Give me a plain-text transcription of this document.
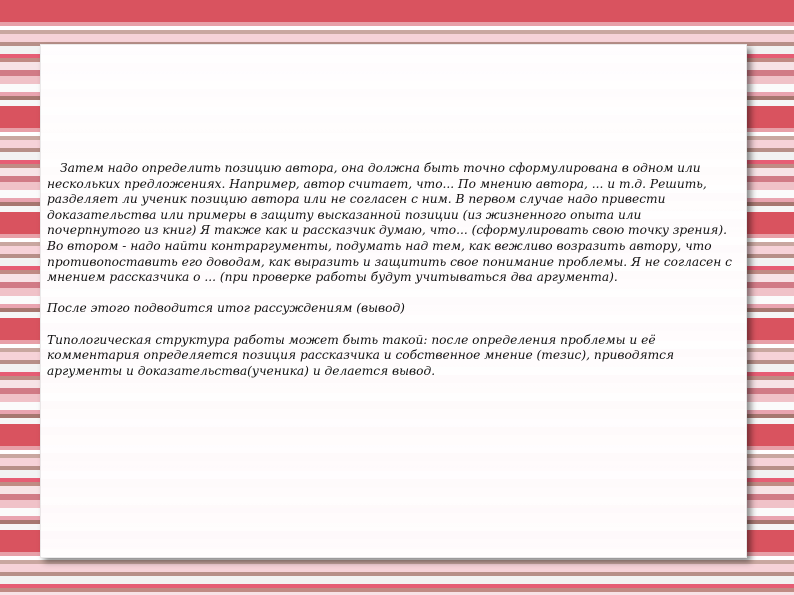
Затем надо определить позицию автора, она должна быть точно сформулирована в одном или нескольких предложениях. Например, автор считает, что... По мнению автора, ... и т.д. Решить, разделяет ли ученик позицию автора или не согласен с ним. В первом случае надо привести доказательства или примеры в защиту высказанной позиции (из жизненного опыта или почерпнутого из книг) Я также как и рассказчик думаю, что... (сформулировать свою точку зрения). Во втором - надо найти контраргументы, подумать над тем, как вежливо возразить автору, что противопоставить его доводам, как выразить и защитить свое понимание проблемы. Я не согласен с мнением рассказчика о ... (при проверке работы будут учитываться два аргумента).

После этого подводится итог рассуждениям (вывод)

Типологическая структура работы может быть такой: после определения проблемы и её комментария определяется позиция рассказчика и собственное мнение (тезис), приводятся аргументы и доказательства(ученика) и делается вывод.
